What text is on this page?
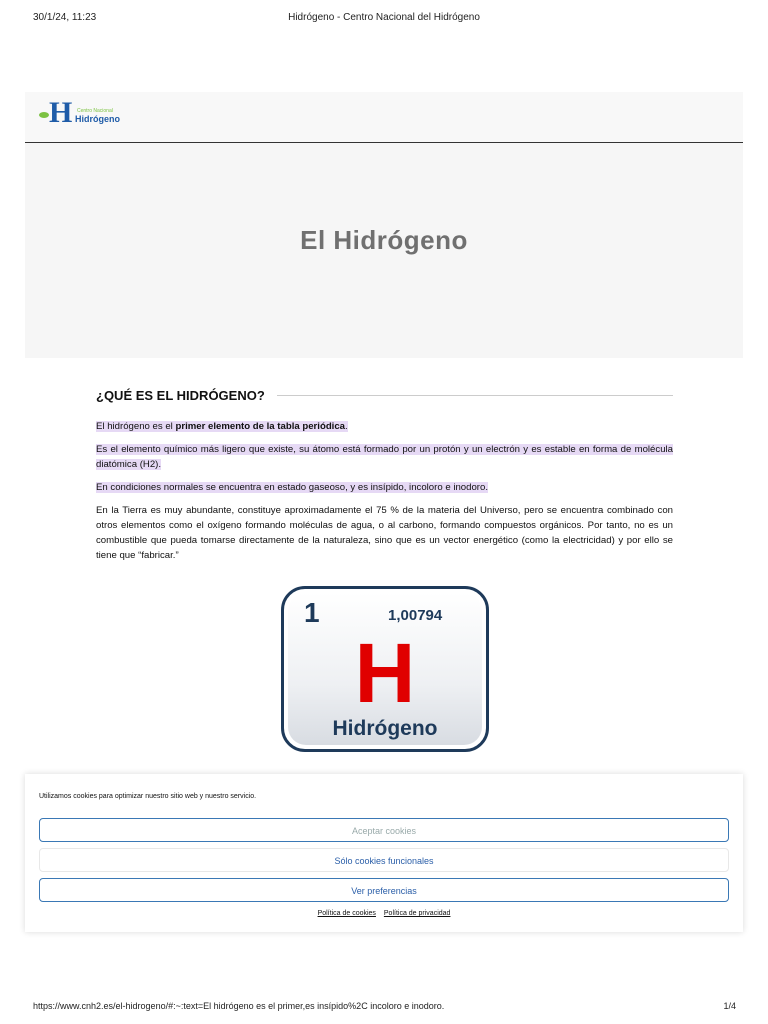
30/1/24, 11:23	Hidrógeno - Centro Nacional del Hidrógeno
H Centro Nacional
Hidrógeno
El Hidrógeno
¿QUÉ ES EL HIDRÓGENO?

El hidrógeno es el primer elemento de la tabla periódica.

Es el elemento químico más ligero que existe, su átomo está formado por un protón y un electrón y es estable en forma de molécula diatómica (H2).

En condiciones normales se encuentra en estado gaseoso, y es insípido, incoloro e inodoro.

En la Tierra es muy abundante, constituye aproximadamente el 75 % de la materia del Universo, pero se encuentra combinado con otros elementos como el oxígeno formando moléculas de agua, o al carbono, formando compuestos orgánicos. Por tanto, no es un combustible que pueda tomarse directamente de la naturaleza, sino que es un vector energético (como la electricidad) y por ello se tiene que “fabricar.”

1	1,00794
H
Hidrógeno
Utilizamos cookies para optimizar nuestro sitio web y nuestro servicio.
Aceptar cookies
Sólo cookies funcionales
Ver preferencias
Política de cookies Política de privacidad
https://www.cnh2.es/el-hidrogeno/#:~:text=El hidrógeno es el primer,es insípido%2C incoloro e inodoro.	1/4
